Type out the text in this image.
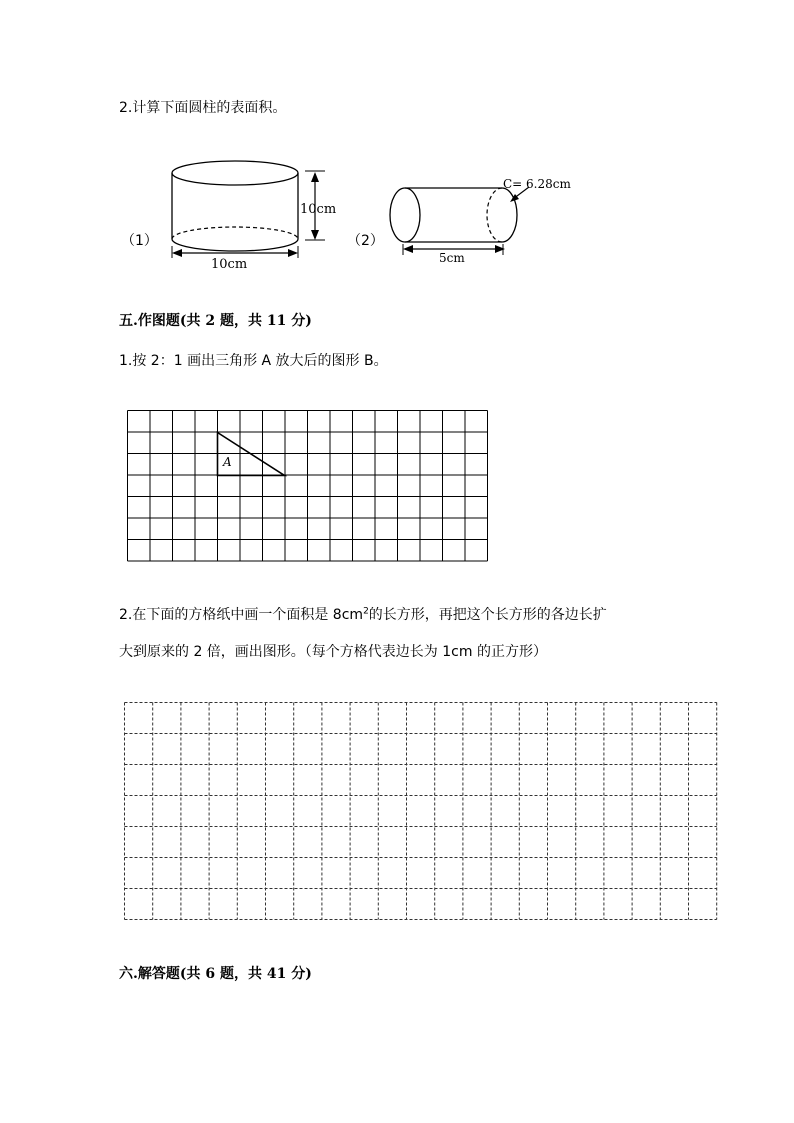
2.计算下面圆柱的表面积。
（1）
10cm
10cm
（2）
C= 6.28cm
5cm
五.作图题(共 2 题，共 11 分)
1.按 2：1 画出三角形 A 放大后的图形 B。
A
2.在下面的方格纸中画一个面积是 $8cm^2$的长方形，再把这个长方形的各边长扩
大到原来的 2 倍，画出图形。（每个方格代表边长为 1cm 的正方形）
六.解答题(共 6 题，共 41 分)
